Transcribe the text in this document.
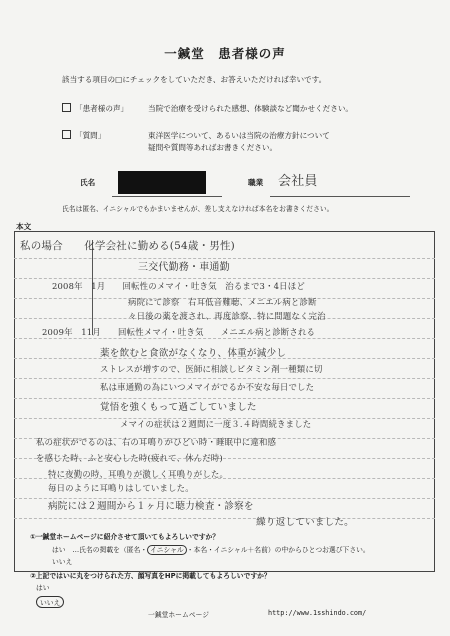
一鍼堂　患者様の声
該当する項目の□にチェックをしていただき、お答えいただければ幸いです。
「患者様の声」	当院で治療を受けられた感想、体験談など聞かせください。
「質問」	東洋医学について、あるいは当院の治療方針について
疑問や質問等あればお書きください。
氏名	職業 会社員
氏名は匿名、イニシャルでもかまいませんが、差し支えなければ本名をお書きください。
本文
私の場合　　化学会社に勤める(54歳・男性)
三交代勤務・車通勤
2008年　1月　　回転性のメマイ・吐き気　治るまで3・4日ほど
病院にて診察　右耳低音難聴、メニエル病と診断
々日後の薬を渡され、再度診察、特に問題なく完治
2009年　11月　　回転性メマイ・吐き気　　メニエル病と診断される
薬を飲むと食欲がなくなり、体重が減少し
ストレスが増すので、医師に相談しビタミン剤一種類に切
私は車通勤の為にいつメマイがでるか不安な毎日でした
覚悟を強くもって過ごしていました
メマイの症状は２週間に一度３.４時間続きました
私の症状がでるのは、右の耳鳴りがひどい時・睡眠中に違和感
を感じた時、ふと安心した時(疲れて、休んだ時)
特に夜勤の時、耳鳴りが激しく耳鳴りがした。
毎日のように耳鳴りはしていました。
病院には２週間から１ヶ月に聴力検査・診察を
繰り返していました。
①一鍼堂ホームページに紹介させて頂いてもよろしいですか？
はい　…氏名の掲載を（匿名・ イニシャル ・本名・イニシャル＋名前）の中からひとつお選び下さい。
いいえ
②上記ではいに丸をつけられた方、顔写真をHPに掲載してもよろしいですか？
はい
いいえ
一鍼堂ホームページ	http://www.1sshindo.com/
